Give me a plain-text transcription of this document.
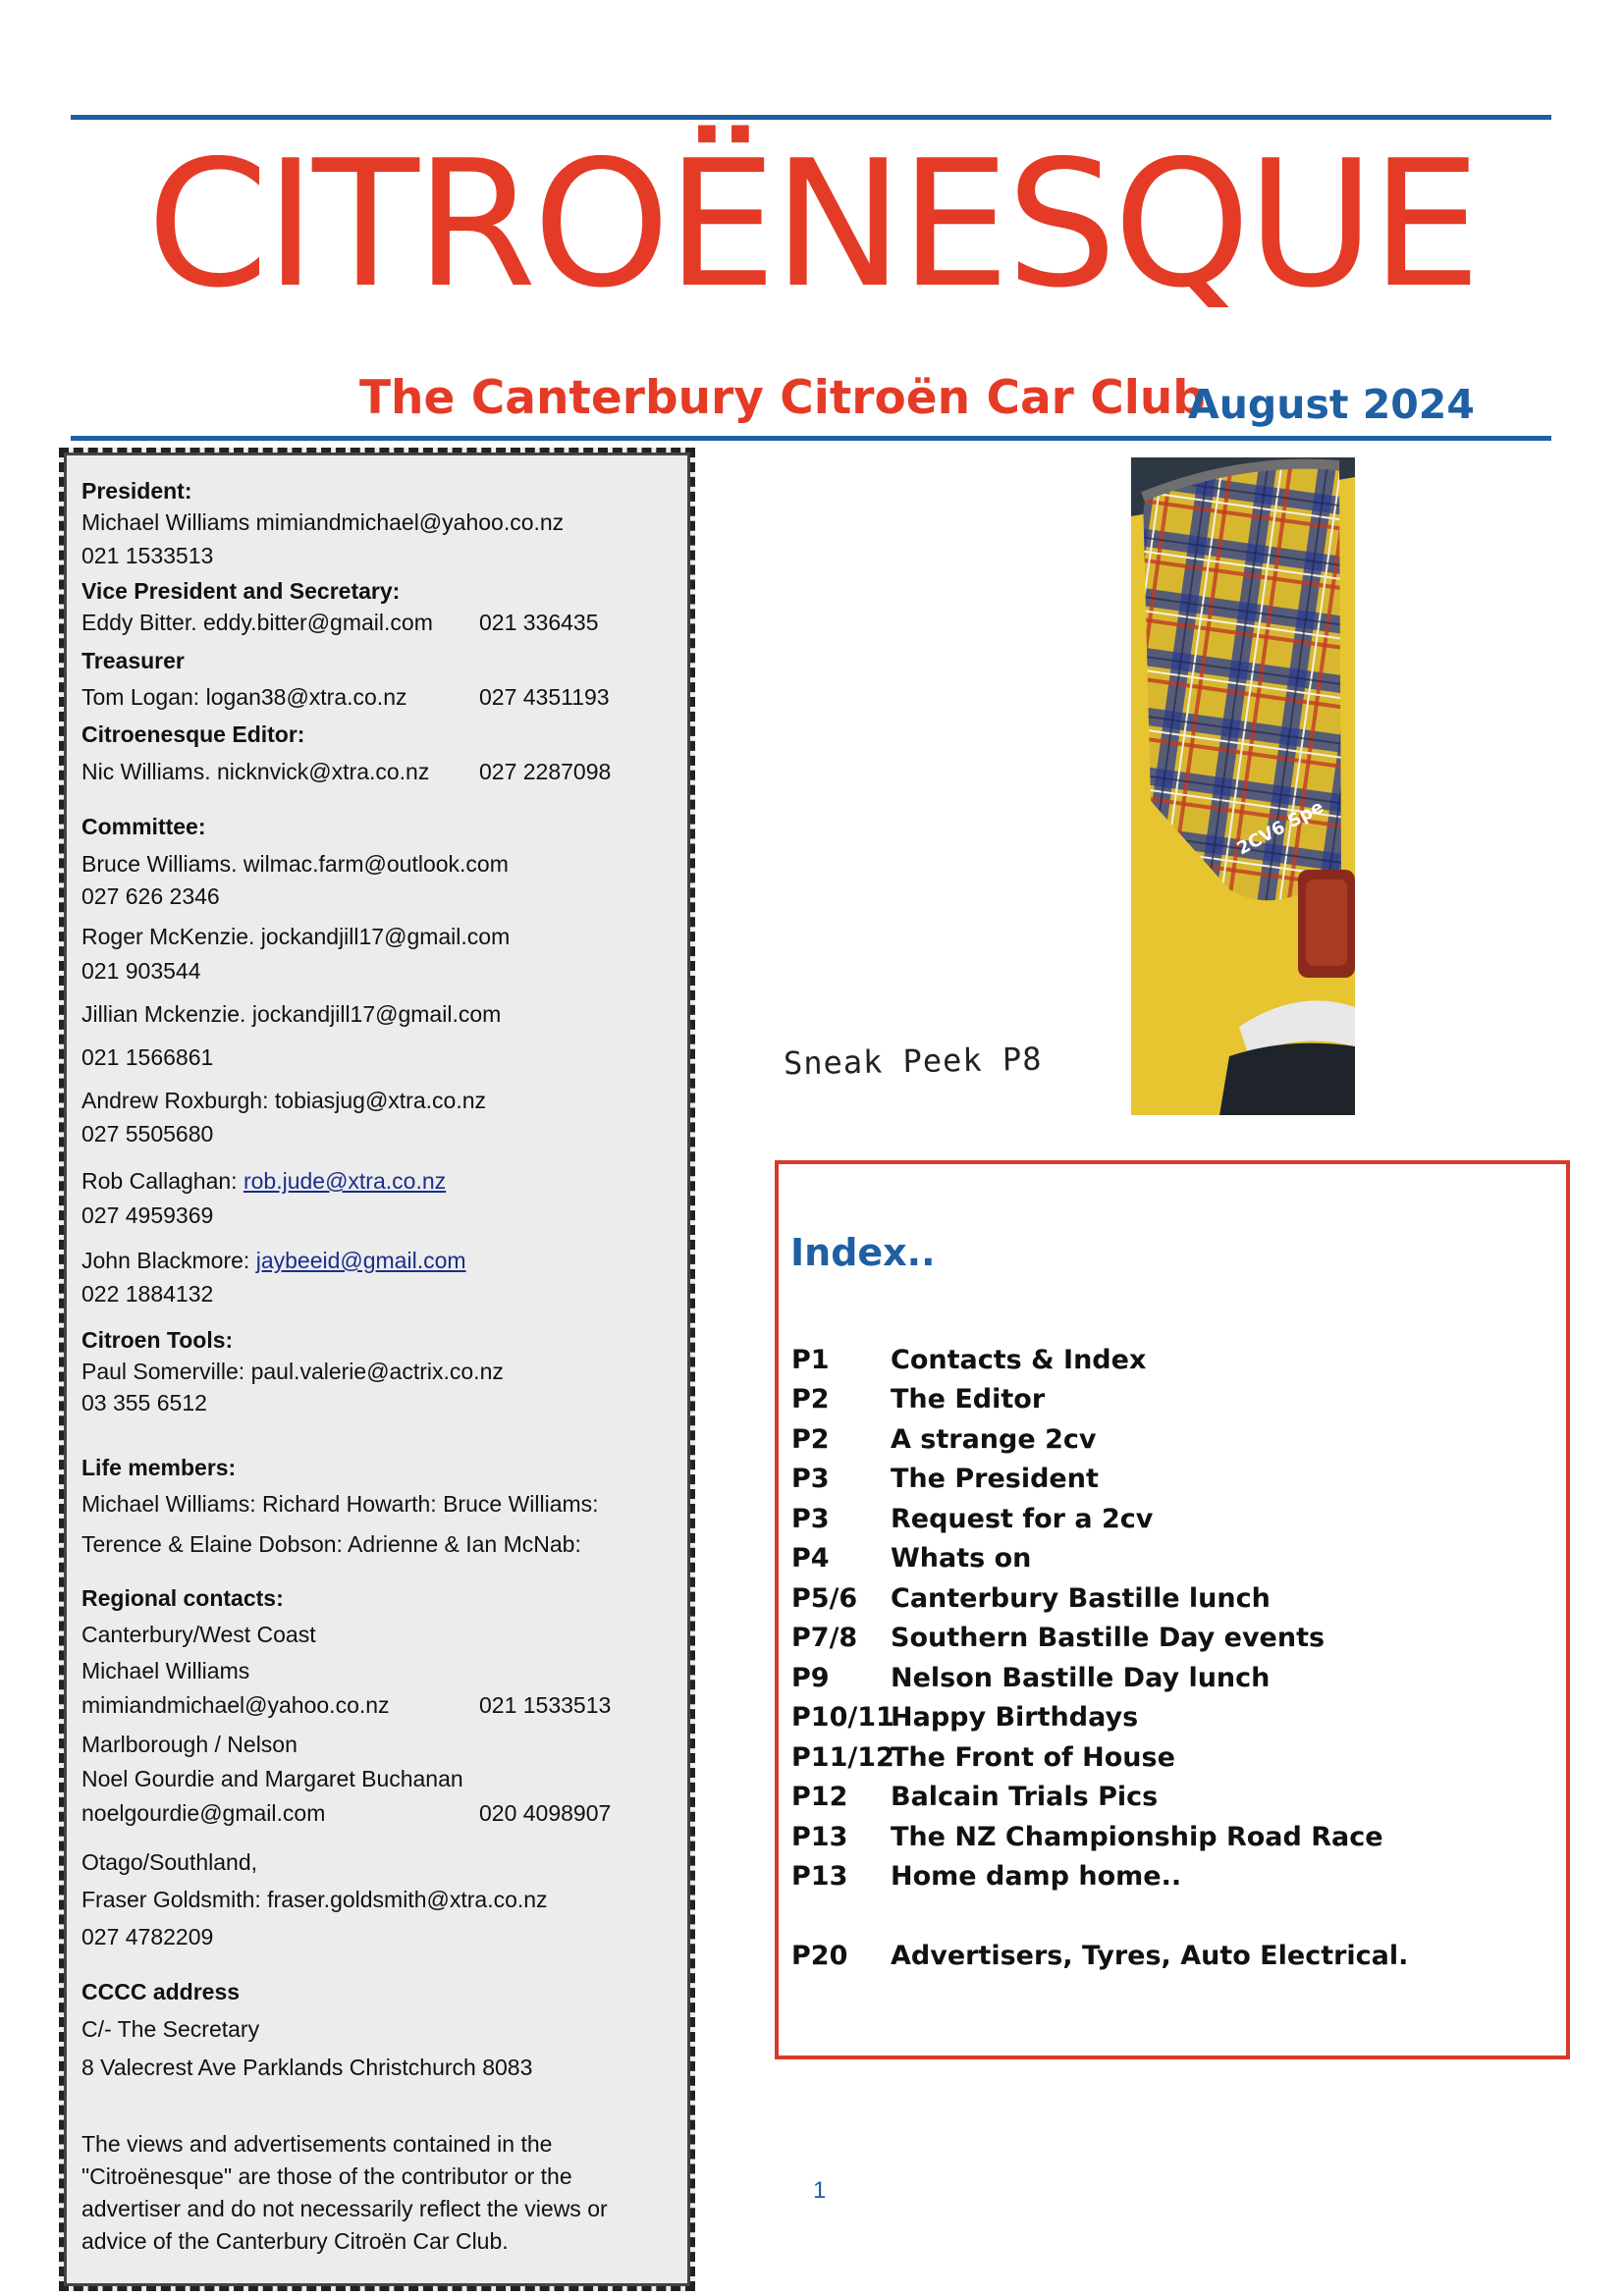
CITROËNESQUE
The Canterbury Citroën Car Club
August 2024
President:
Michael Williams mimiandmichael@yahoo.co.nz
021 1533513
Vice President and Secretary:
Eddy Bitter. eddy.bitter@gmail.com 021 336435
Treasurer
Tom Logan: logan38@xtra.co.nz	027 4351193
Citroenesque Editor:
Nic Williams. nicknvick@xtra.co.nz 027 2287098
Committee:
Bruce Williams. wilmac.farm@outlook.com
027 626 2346
Roger McKenzie. jockandjill17@gmail.com
021 903544
Jillian Mckenzie. jockandjill17@gmail.com
021 1566861
Andrew Roxburgh: tobiasjug@xtra.co.nz
027 5505680
Rob Callaghan: rob.jude@xtra.co.nz
027 4959369
John Blackmore: jaybeeid@gmail.com
022 1884132
Citroen Tools:
Paul Somerville: paul.valerie@actrix.co.nz
03 355 6512
Life members:
Michael Williams: Richard Howarth: Bruce Williams:
Terence & Elaine Dobson: Adrienne & Ian McNab:
Regional contacts:
Canterbury/West Coast
Michael Williams
mimiandmichael@yahoo.co.nz	021 1533513
Marlborough / Nelson
Noel Gourdie and Margaret Buchanan
noelgourdie@gmail.com	020 4098907
Otago/Southland,
Fraser Goldsmith: fraser.goldsmith@xtra.co.nz
027 4782209
CCCC address
C/- The Secretary
8 Valecrest Ave Parklands Christchurch 8083
The views and advertisements contained in the "Citroënesque" are those of the contributor or the advertiser and do not necessarily reflect the views or advice of the Canterbury Citroën Car Club.
2CV6 Spe
Sneak Peek P8
Index..
P1 Contacts & Index
P2 The Editor
P2 A strange 2cv
P3 The President
P3 Request for a 2cv
P4 Whats on
P5/6 Canterbury Bastille lunch
P7/8 Southern Bastille Day events
P9 Nelson Bastille Day lunch
P10/11Happy Birthdays
P11/12The Front of House
P12 Balcain Trials Pics
P13 The NZ Championship Road Race
P13 Home damp home..
P20 Advertisers, Tyres, Auto Electrical.
1
